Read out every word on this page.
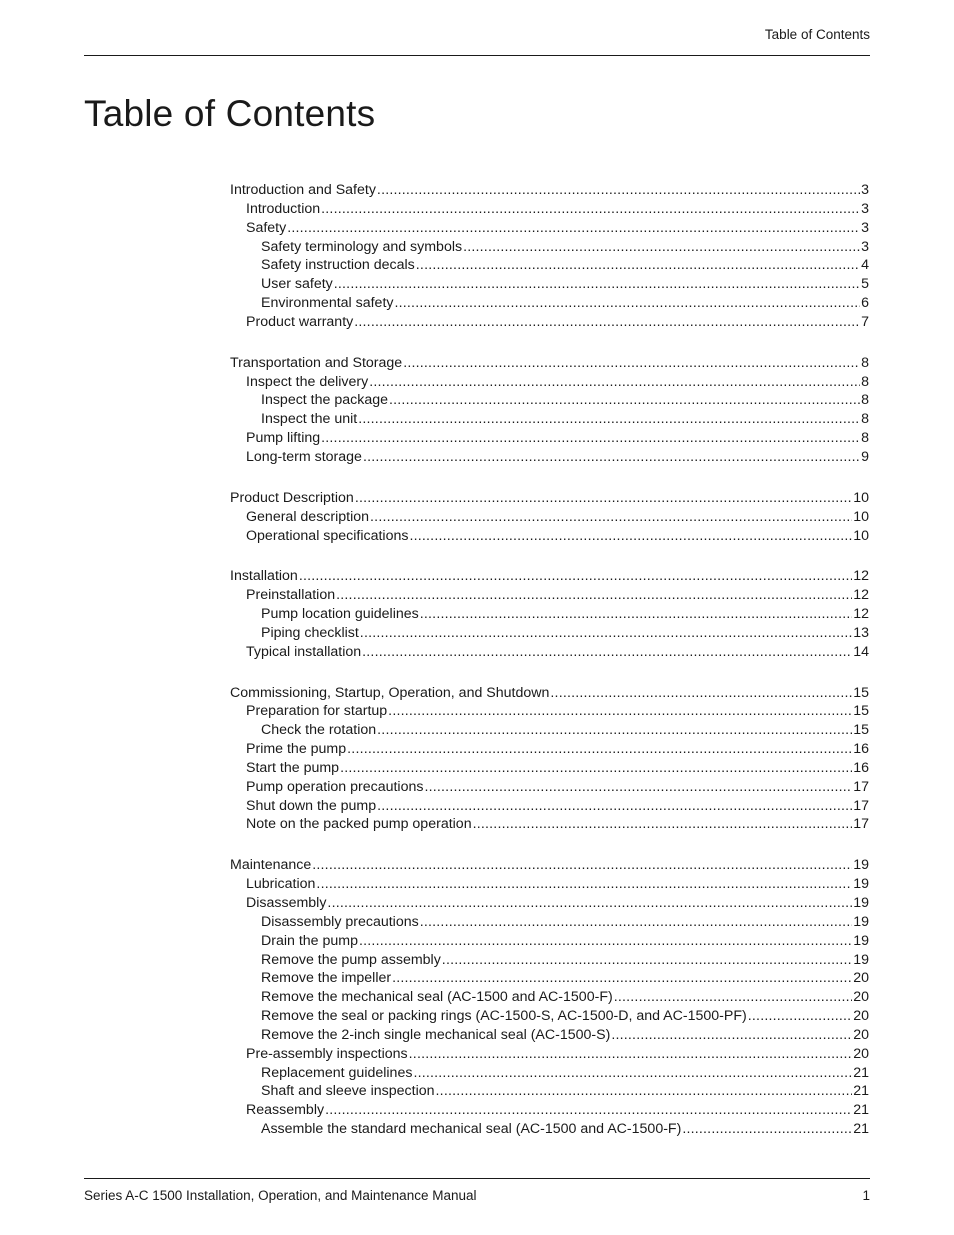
Table of Contents
Table of Contents
Introduction and Safety .....	3
Introduction .....	3
Safety .....	3
Safety terminology and symbols .....	3
Safety instruction decals .....	4
User safety .....	5
Environmental safety .....	6
Product warranty .....	7
Transportation and Storage .....	8
Inspect the delivery .....	8
Inspect the package .....	8
Inspect the unit .....	8
Pump lifting .....	8
Long-term storage .....	9
Product Description .....	10
General description .....	10
Operational specifications .....	10
Installation .....	12
Preinstallation .....	12
Pump location guidelines .....	12
Piping checklist .....	13
Typical installation .....	14
Commissioning, Startup, Operation, and Shutdown .....	15
Preparation for startup .....	15
Check the rotation .....	15
Prime the pump .....	16
Start the pump .....	16
Pump operation precautions .....	17
Shut down the pump .....	17
Note on the packed pump operation .....	17
Maintenance .....	19
Lubrication .....	19
Disassembly .....	19
Disassembly precautions .....	19
Drain the pump .....	19
Remove the pump assembly .....	19
Remove the impeller .....	20
Remove the mechanical seal (AC-1500 and AC-1500-F) .....	20
Remove the seal or packing rings (AC-1500-S, AC-1500-D, and AC-1500-PF) .....	20
Remove the 2-inch single mechanical seal (AC-1500-S) .....	20
Pre-assembly inspections .....	20
Replacement guidelines .....	21
Shaft and sleeve inspection .....	21
Reassembly .....	21
Assemble the standard mechanical seal (AC-1500 and AC-1500-F) .....	21
Series A-C 1500 Installation, Operation, and Maintenance Manual	1
